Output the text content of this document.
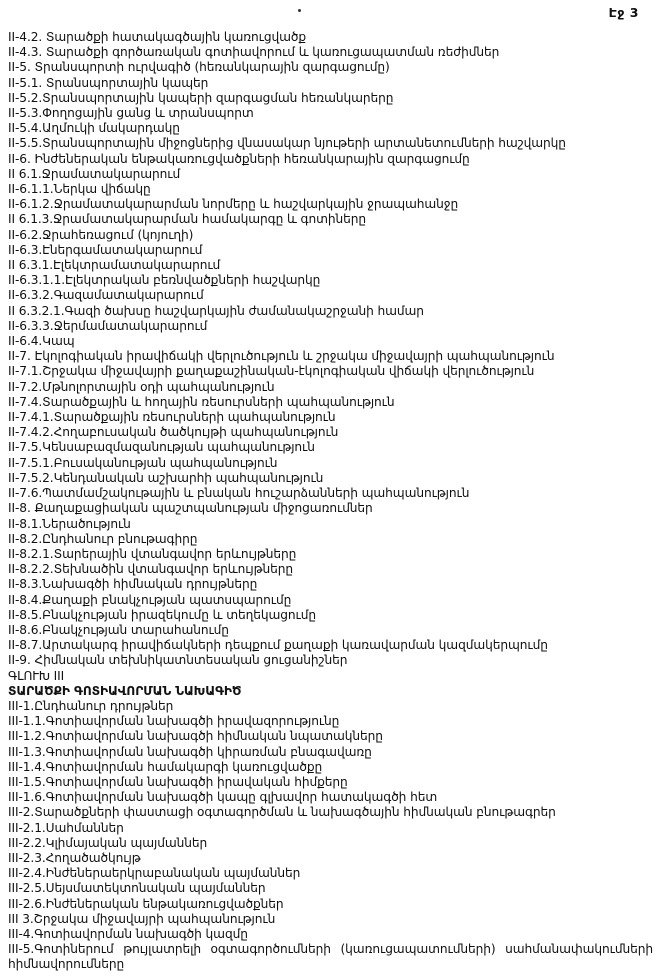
Էջ 3
II-4.2. Տարածքի հատակագծային կառուցվածք
II-4.3. Տարածքի գործառական գոտիավորում և կառուցապատման ռեժիմներ
II-5. Տրանսպորտի ուրվագիծ (հեռանկարային զարգացումը)
II-5.1. Տրանսպորտային կապեր
II-5.2.Տրանսպորտային կապերի զարգացման հեռանկարերը
II-5.3.Փողոցային ցանց և տրանսպորտ
II-5.4.Աղմուկի մակարդակը
II-5.5.Տրանսպորտային միջոցներից վնասակար նյութերի արտանետումների հաշվարկը
II-6. Ինժեներական ենթակառուցվածքների հեռանկարային զարգացումը
II 6.1.Ջրամատակարարում
II-6.1.1.Ներկա վիճակը
II-6.1.2.Ջրամատակարարման նորմերը և հաշվարկային ջրապահանջը
II 6.1.3.Ջրամատակարարման համակարգը և գոտիները
II-6.2.Ջրահեռացում (կոյուղի)
II-6.3.Էներգամատակարարում
II 6.3.1.Էլեկտրամատակարարում
II-6.3.1.1.Էլեկտրական բեռնվածքների հաշվարկը
II-6.3.2.Գազամատակարարում
II 6.3.2.1.Գազի ծախսը հաշվարկային ժամանակաշրջանի համար
II-6.3.3.Ջերմամատակարարում
II-6.4.Կապ
II-7. Էկոլոգիական իրավիճակի վերլուծություն և շրջակա միջավայրի պահպանություն
II-7.1.Շրջակա միջավայրի քաղաքաշինական-էկոլոգիական վիճակի վերլուծություն
II-7.2.Մթնոլորտային օդի պահպանություն
II-7.4.Տարածքային և հողային ռեսուրսների պահպանություն
II-7.4.1.Տարածքային ռեսուրսների պահպանություն
II-7.4.2.Հողաբուսական ծածկույթի պահպանություն
II-7.5.Կենսաբազմազանության պահպանություն
II-7.5.1.Բուսականության պահպանություն
II-7.5.2.Կենդանական աշխարհի պահպանություն
II-7.6.Պատմամշակութային և բնական հուշարձանների պահպանություն
II-8. Քաղաքացիական պաշտպանության միջոցառումներ
II-8.1.Ներածություն
II-8.2.Ընդհանուր բնութագիրը
II-8.2.1.Տարերային վտանգավոր երևույթները
II-8.2.2.Տեխնածին վտանգավոր երևույթները
II-8.3.Նախագծի հիմնական դրույթները
II-8.4.Քաղաքի բնակչության պատսպարումը
II-8.5.Բնակչության իրազեկումը և տեղեկացումը
II-8.6.Բնակչության տարահանումը
II-8.7.Արտակարգ իրավիճակների դեպքում քաղաքի կառավարման կազմակերպումը
II-9. Հիմնական տեխնիկատնտեսական ցուցանիշներ
ԳԼՈՒԽ III
ՏԱՐԱԾՔԻ ԳՈՏԻԱՎՈՐՄԱՆ ՆԱԽԱԳԻԾ
III-1.Ընդհանուր դրույթներ
III-1.1.Գոտիավորման նախագծի իրավազորությունը
III-1.2.Գոտիավորման նախագծի հիմնական նպատակները
III-1.3.Գոտիավորման նախագծի կիրառման բնագավառը
III-1.4.Գոտիավորման համակարգի կառուցվածքը
III-1.5.Գոտիավորման նախագծի իրավական հիմքերը
III-1.6.Գոտիավորման նախագծի կապը գլխավոր հատակագծի հետ
III-2.Տարածքների փաստացի օգտագործման և նախագծային հիմնական բնութագրեր
III-2.1.Սահմաններ
III-2.2.Կլիմայական պայմաններ
III-2.3.Հողածածկույթ
III-2.4.Ինժեներաերկրաբանական պայմաններ
III-2.5.Սեյսմատեկտոնական պայմաններ
III-2.6.Ինժեներական ենթակառուցվածքներ
III 3.Շրջակա միջավայրի պահպանություն
III-4.Գոտիավորման նախագծի կազմը
III-5.Գոտիներում թույլատրելի օգտագործումների (կառուցապատումների) սահմանափակումների հիմնավորումները
